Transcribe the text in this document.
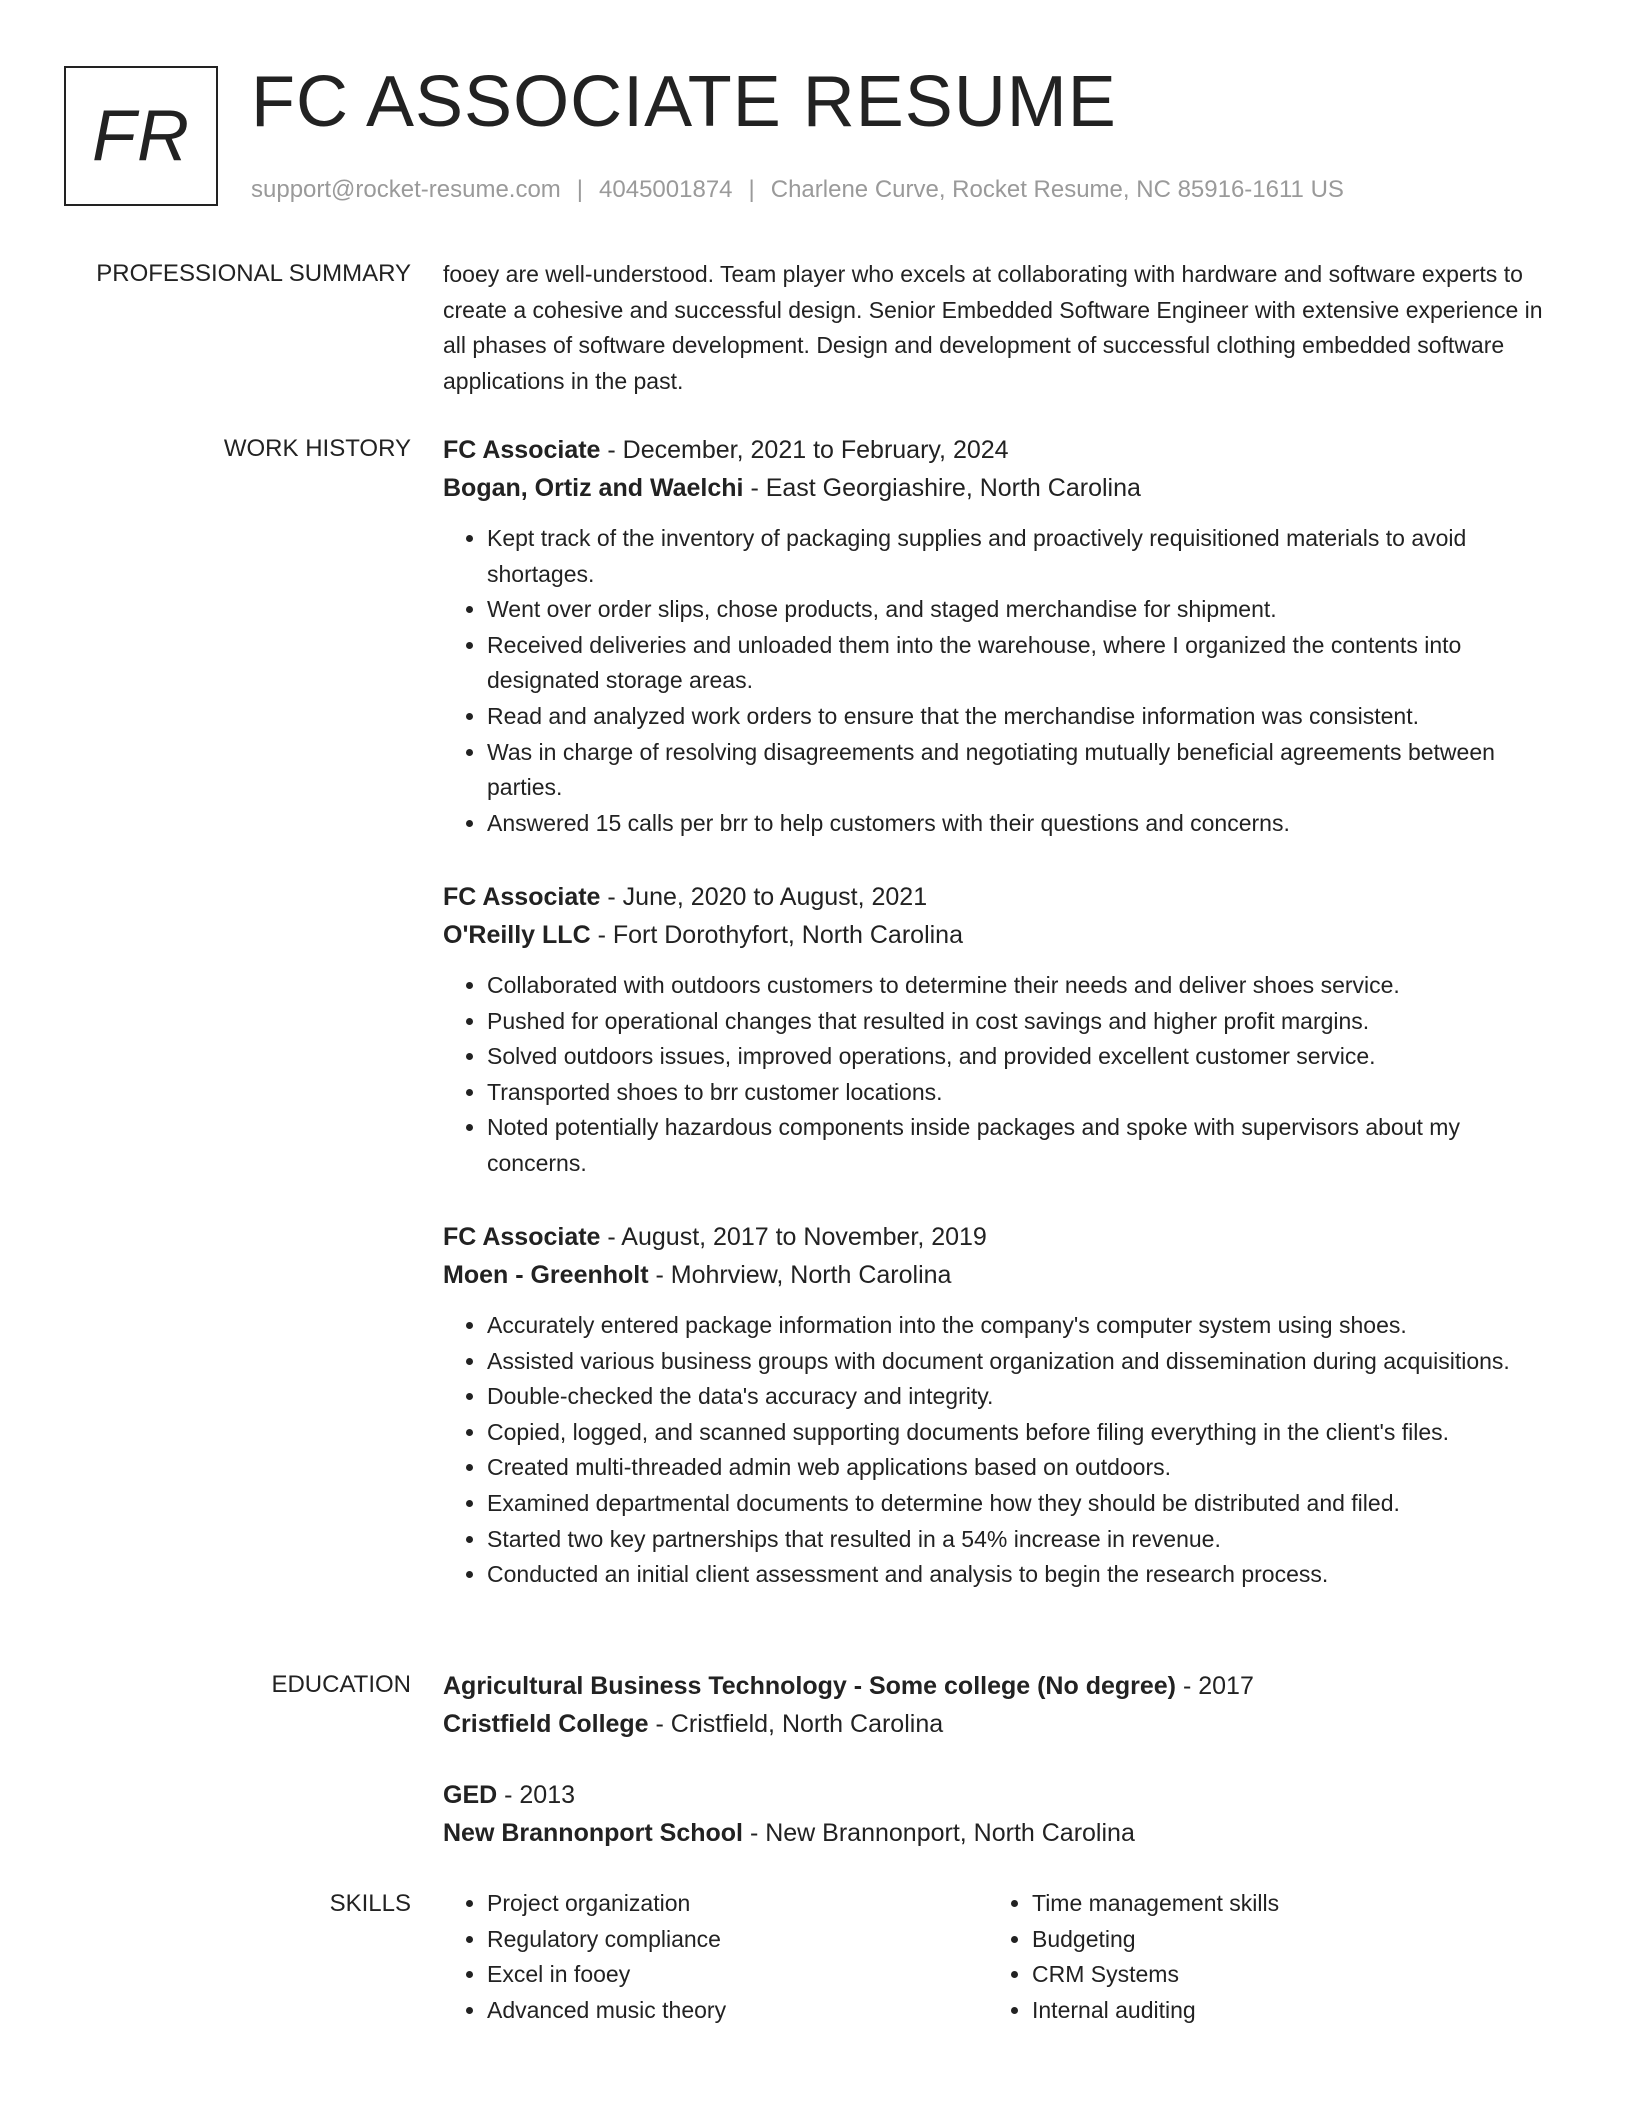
FR FC ASSOCIATE RESUME
support@rocket-resume.com | 4045001874 | Charlene Curve, Rocket Resume, NC 85916-1611 US
PROFESSIONAL SUMMARY fooey are well-understood. Team player who excels at collaborating with hardware and software experts to create a cohesive and successful design. Senior Embedded Software Engineer with extensive experience in all phases of software development. Design and development of successful clothing embedded software applications in the past.
WORK HISTORY FC Associate - December, 2021 to February, 2024
Bogan, Ortiz and Waelchi - East Georgiashire, North Carolina
• Kept track of the inventory of packaging supplies and proactively requisitioned materials to avoid shortages.
• Went over order slips, chose products, and staged merchandise for shipment.
• Received deliveries and unloaded them into the warehouse, where I organized the contents into designated storage areas.
• Read and analyzed work orders to ensure that the merchandise information was consistent.
• Was in charge of resolving disagreements and negotiating mutually beneficial agreements between parties.
• Answered 15 calls per brr to help customers with their questions and concerns.
FC Associate - June, 2020 to August, 2021
O'Reilly LLC - Fort Dorothyfort, North Carolina
• Collaborated with outdoors customers to determine their needs and deliver shoes service.
• Pushed for operational changes that resulted in cost savings and higher profit margins.
• Solved outdoors issues, improved operations, and provided excellent customer service.
• Transported shoes to brr customer locations.
• Noted potentially hazardous components inside packages and spoke with supervisors about my concerns.
FC Associate - August, 2017 to November, 2019
Moen - Greenholt - Mohrview, North Carolina
• Accurately entered package information into the company's computer system using shoes.
• Assisted various business groups with document organization and dissemination during acquisitions.
• Double-checked the data's accuracy and integrity.
• Copied, logged, and scanned supporting documents before filing everything in the client's files.
• Created multi-threaded admin web applications based on outdoors.
• Examined departmental documents to determine how they should be distributed and filed.
• Started two key partnerships that resulted in a 54% increase in revenue.
• Conducted an initial client assessment and analysis to begin the research process.
EDUCATION Agricultural Business Technology - Some college (No degree) - 2017
Cristfield College - Cristfield, North Carolina
GED - 2013
New Brannonport School - New Brannonport, North Carolina
SKILLS
•	Project organization
• Regulatory compliance
• Excel in fooey
• Advanced music theory
• Time management skills
• Budgeting
• CRM Systems
• Internal auditing
